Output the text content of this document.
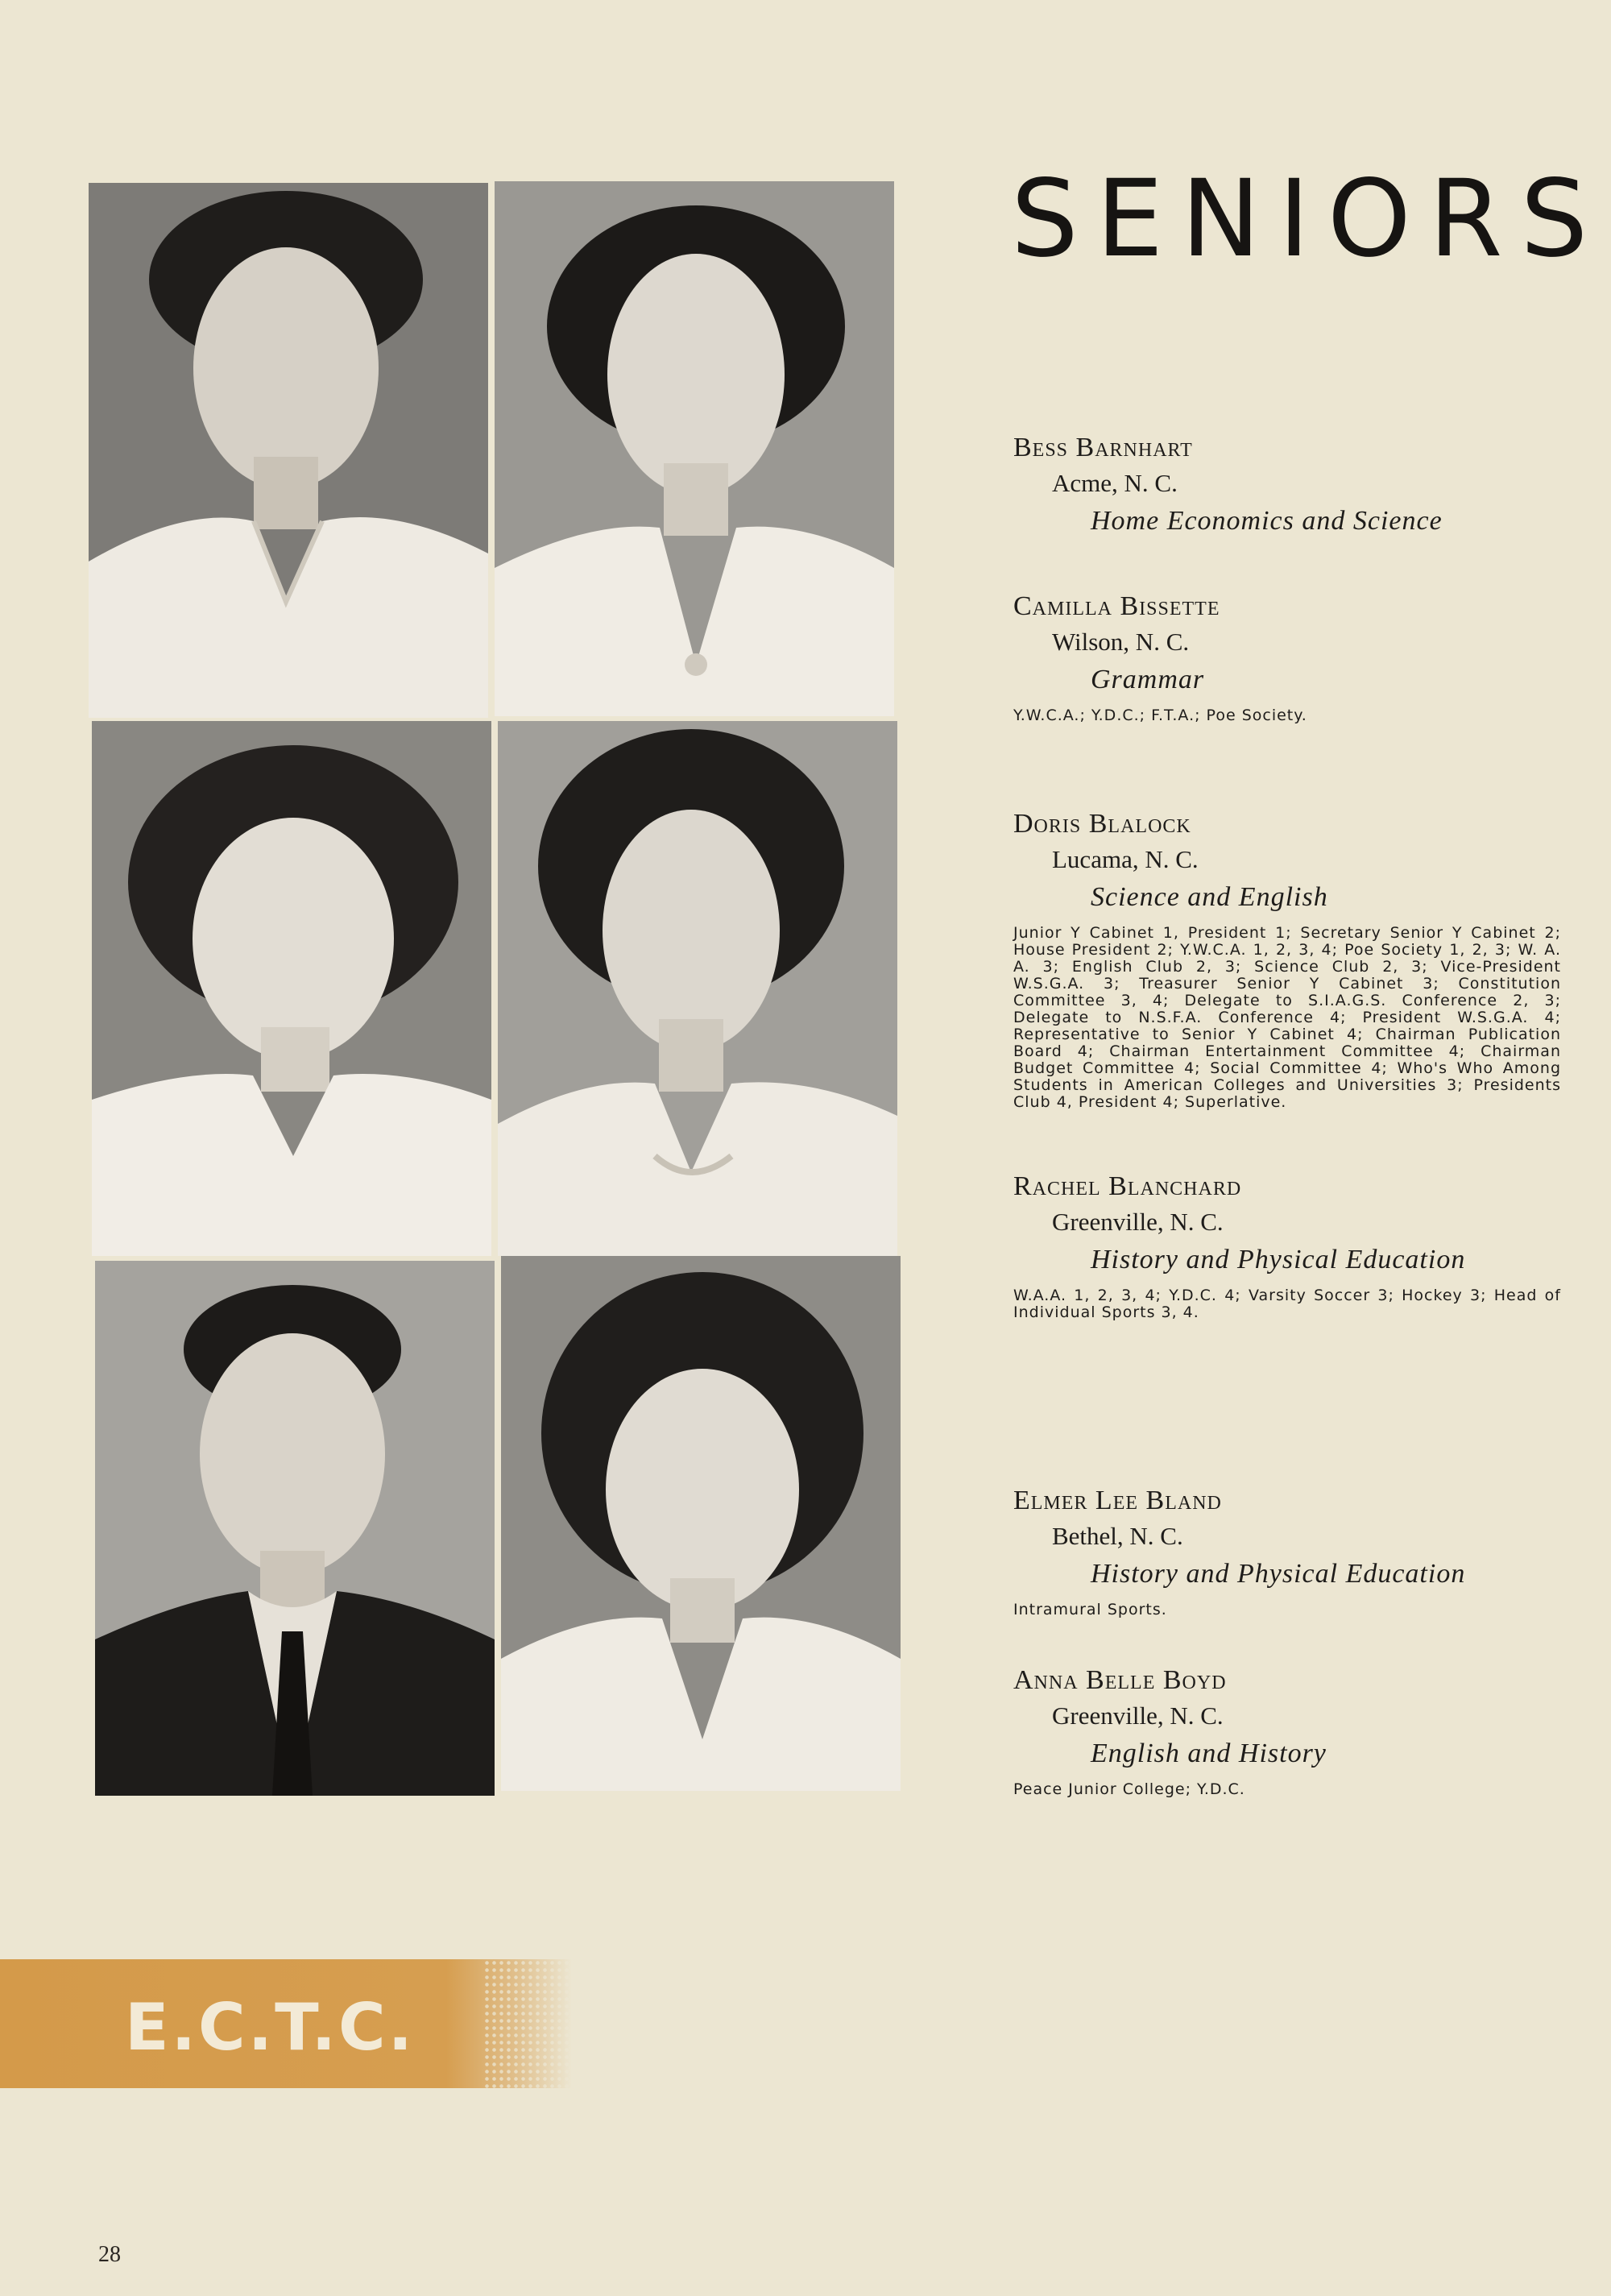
SENIORS
Bess Barnhart
Acme, N. C.
Home Economics and Science
Camilla Bissette
Wilson, N. C.
Grammar
Y.W.C.A.; Y.D.C.; F.T.A.; Poe Society.
Doris Blalock
Lucama, N. C.
Science and English
Junior Y Cabinet 1, President 1; Secretary Senior Y Cabinet 2; House President 2; Y.W.C.A. 1, 2, 3, 4; Poe Society 1, 2, 3; W. A. A. 3; English Club 2, 3; Science Club 2, 3; Vice-President W.S.G.A. 3; Treasurer Senior Y Cabinet 3; Constitution Committee 3, 4; Delegate to S.I.A.G.S. Conference 2, 3; Delegate to N.S.F.A. Conference 4; President W.S.G.A. 4; Representative to Senior Y Cabinet 4; Chairman Publication Board 4; Chairman Entertainment Committee 4; Chairman Budget Committee 4; Social Committee 4; Who's Who Among Students in American Colleges and Universities 3; Presidents Club 4, President 4; Superlative.
Rachel Blanchard
Greenville, N. C.
History and Physical Education
W.A.A. 1, 2, 3, 4; Y.D.C. 4; Varsity Soccer 3; Hockey 3; Head of Individual Sports 3, 4.
Elmer Lee Bland
Bethel, N. C.
History and Physical Education
Intramural Sports.
Anna Belle Boyd
Greenville, N. C.
English and History
Peace Junior College; Y.D.C.
E.C.T.C.
28
